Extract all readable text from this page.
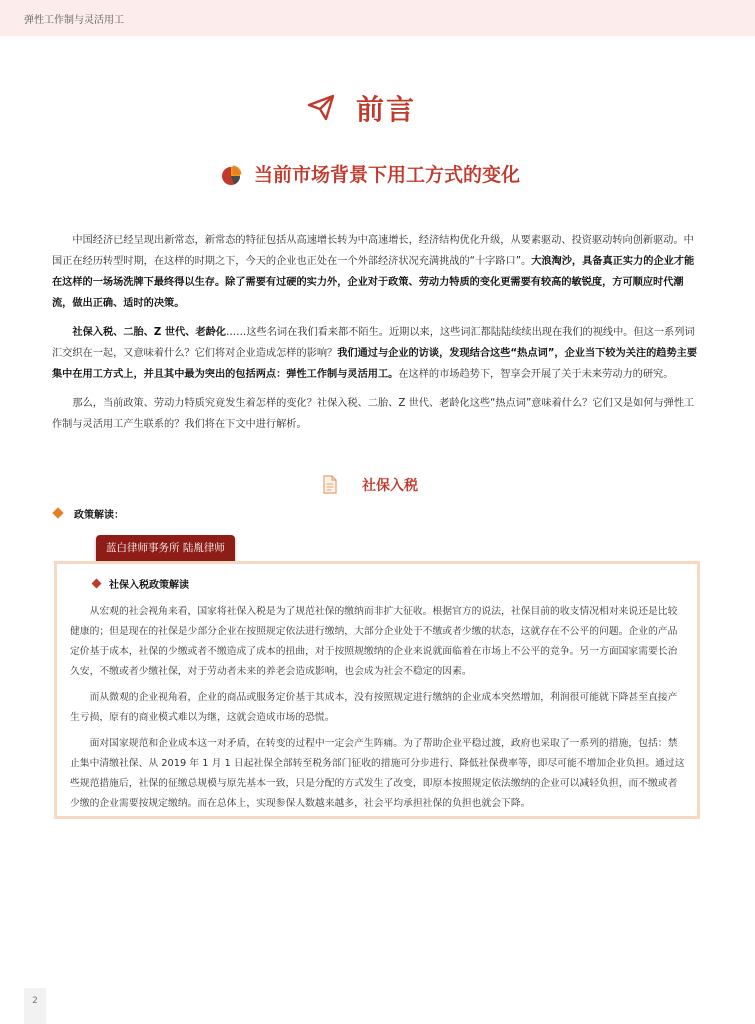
弹性工作制与灵活用工
前言
当前市场背景下用工方式的变化

中国经济已经呈现出新常态，新常态的特征包括从高速增长转为中高速增长，经济结构优化升级，从要素驱动、投资驱动转向创新驱动。中国正在经历转型时期，在这样的时期之下，今天的企业也正处在一个外部经济状况充满挑战的“十字路口”。大浪淘沙，具备真正实力的企业才能在这样的一场场洗牌下最终得以生存。除了需要有过硬的实力外，企业对于政策、劳动力特质的变化更需要有较高的敏锐度，方可顺应时代潮流，做出正确、适时的决策。

社保入税、二胎、Z 世代、老龄化……这些名词在我们看来都不陌生。近期以来，这些词汇都陆陆续续出现在我们的视线中。但这一系列词汇交织在一起，又意味着什么？它们将对企业造成怎样的影响？我们通过与企业的访谈，发现结合这些“热点词”，企业当下较为关注的趋势主要集中在用工方式上，并且其中最为突出的包括两点：弹性工作制与灵活用工。在这样的市场趋势下，智享会开展了关于未来劳动力的研究。

那么，当前政策、劳动力特质究竟发生着怎样的变化？社保入税、二胎、Z 世代、老龄化这些“热点词”意味着什么？它们又是如何与弹性工作制与灵活用工产生联系的？我们将在下文中进行解析。

社保入税
政策解读：
蓝白律师事务所 陆胤律师
社保入税政策解读

从宏观的社会视角来看，国家将社保入税是为了规范社保的缴纳而非扩大征收。根据官方的说法，社保目前的收支情况相对来说还是比较健康的；但是现在的社保是少部分企业在按照规定依法进行缴纳，大部分企业处于不缴或者少缴的状态，这就存在不公平的问题。企业的产品定价基于成本，社保的少缴或者不缴造成了成本的扭曲，对于按照规缴纳的企业来说就面临着在市场上不公平的竞争。另一方面国家需要长治久安，不缴或者少缴社保，对于劳动者未来的养老会造成影响，也会成为社会不稳定的因素。

而从微观的企业视角看，企业的商品或服务定价基于其成本，没有按照规定进行缴纳的企业成本突然增加，利润很可能就下降甚至直接产生亏损，原有的商业模式难以为继，这就会造成市场的恐慌。

面对国家规范和企业成本这一对矛盾，在转变的过程中一定会产生阵痛。为了帮助企业平稳过渡，政府也采取了一系列的措施，包括：禁止集中清缴社保、从 2019 年 1 月 1 日起社保全部转至税务部门征收的措施可分步进行、降低社保费率等，即尽可能不增加企业负担。通过这些规范措施后，社保的征缴总规模与原先基本一致，只是分配的方式发生了改变，即原本按照规定依法缴纳的企业可以减轻负担，而不缴或者少缴的企业需要按规定缴纳。而在总体上，实现参保人数越来越多，社会平均承担社保的负担也就会下降。

2
